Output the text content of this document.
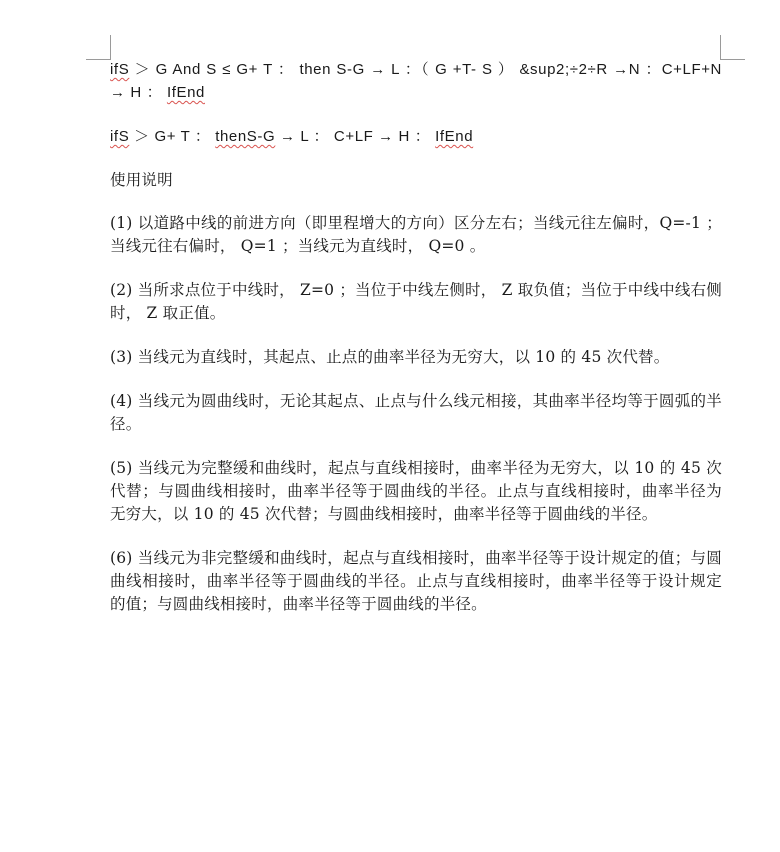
ifS ＞ G And S ≤ G+ T ： then S-G → L ：（ G +T- S ） &sup2;÷2÷R →N ：C+LF+N → H ： IfEnd

ifS ＞ G+ T ： thenS-G → L ： C+LF → H ： IfEnd

使用说明

(1) 以道路中线的前进方向（即里程增大的方向）区分左右；当线元往左偏时，Q=-1 ；当线元往右偏时， Q=1 ；当线元为直线时， Q=0 。

(2) 当所求点位于中线时， Z=0 ；当位于中线左侧时， Z 取负值；当位于中线中线右侧时， Z 取正值。

(3) 当线元为直线时，其起点、止点的曲率半径为无穷大，以 10 的 45 次代替。

(4) 当线元为圆曲线时，无论其起点、止点与什么线元相接，其曲率半径均等于圆弧的半径。

(5) 当线元为完整缓和曲线时，起点与直线相接时，曲率半径为无穷大，以 10 的 45 次代替；与圆曲线相接时，曲率半径等于圆曲线的半径。止点与直线相接时，曲率半径为无穷大，以 10 的 45 次代替；与圆曲线相接时，曲率半径等于圆曲线的半径。

(6) 当线元为非完整缓和曲线时，起点与直线相接时，曲率半径等于设计规定的值；与圆曲线相接时，曲率半径等于圆曲线的半径。止点与直线相接时，曲率半径等于设计规定的值；与圆曲线相接时，曲率半径等于圆曲线的半径。
